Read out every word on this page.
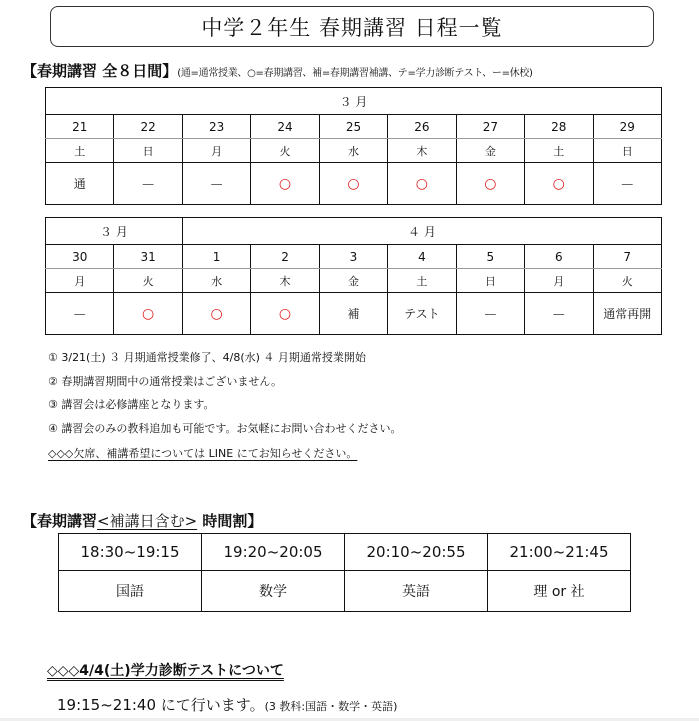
中学２年生 春期講習 日程一覧
【春期講習 全８日間】(通=通常授業、○=春期講習、補=春期講習補講、テ=学力診断テスト、ー=休校)
３ 月								
21	22	23	24	25	26	27	28	29
土	日	月	火	水	木	金	土	日
通	—	—	○	○	○	○	○	—
３ 月		４ 月						
30	31	1	2	3	4	5	6	7
月	火	水	木	金	土	日	月	火
—	○	○	○	補	テスト	—	—	通常再開
① 3/21(土) ３ 月期通常授業修了、4/8(水) ４ 月期通常授業開始
② 春期講習期間中の通常授業はございません。
③ 講習会は必修講座となります。
④ 講習会のみの教科追加も可能です。お気軽にお問い合わせください。
◇◇◇欠席、補講希望については LINE にてお知らせください。
【春期講習<補講日含む> 時間割】
18:30~19:15	19:20~20:05	20:10~20:55	21:00~21:45
国語	数学	英語	理 or 社
◇◇◇4/4(土)学力診断テストについて
19:15~21:40 にて行います。(3 教科:国語・数学・英語)
